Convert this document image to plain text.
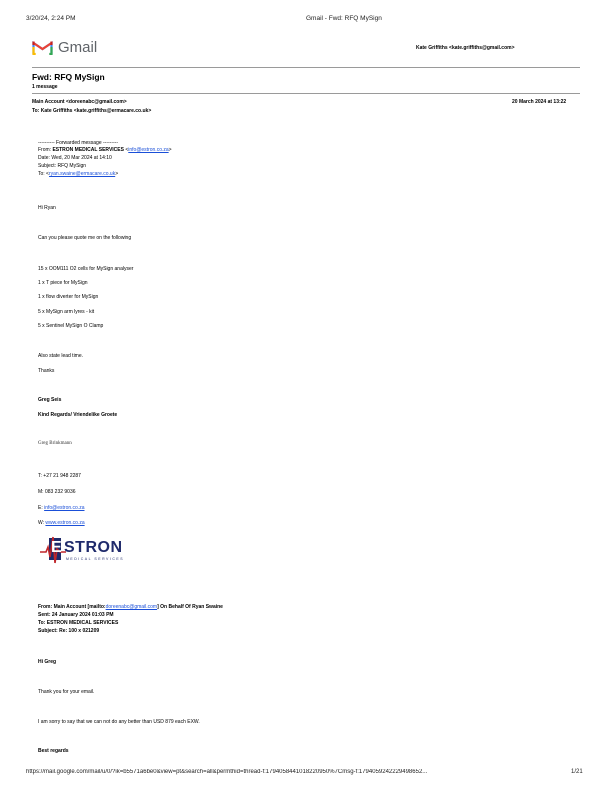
3/20/24, 2:24 PM	Gmail - Fwd: RFQ MySign
Gmail	Kate Griffiths <kate.griffiths@gmail.com>
Fwd: RFQ MySign
1 message
Main Account <doreenabc@gmail.com>
To: Kate Griffiths <kate.griffiths@ermacare.co.uk>
20 March 2024 at 13:22
---------- Forwarded message ---------
From: ESTRON MEDICAL SERVICES <info@estron.co.za>
Date: Wed, 20 Mar 2024 at 14:10
Subject: RFQ MySign
To: <ryan.swaine@ermacare.co.uk>
Hi Ryan
Can you please quote me on the following
15 x OOM111 O2 cells for MySign analyser
1 x T piece for MySign
1 x flow diverter for MySign
5 x MySign arm lyres - kit
5 x Sentinel MySign O Clamp
Also state lead time.
Thanks
Greg Seis
Kind Regards/ Vriendelike Groete
Greg Brinkmann
T: +27 21 948 2287
M: 083 232 9036
E: info@estron.co.za
W: www.estron.co.za
E STRON
MEDICAL SERVICES
From: Main Account [mailto:doreenabc@gmail.com] On Behalf Of Ryan Swaine
Sent: 24 January 2024 01:03 PM
To: ESTRON MEDICAL SERVICES
Subject: Re: 100 x 021209
Hi Greg
Thank you for your email.
I am sorry to say that we can not do any better than USD 879 each EXW.
Best regards
https://mail.google.com/mail/u/0/?ik=b5571a6be0&view=pt&search=all&permthid=thread-f:1794058441018220950%7Cmsg-f:1794059242229498652...	1/21
